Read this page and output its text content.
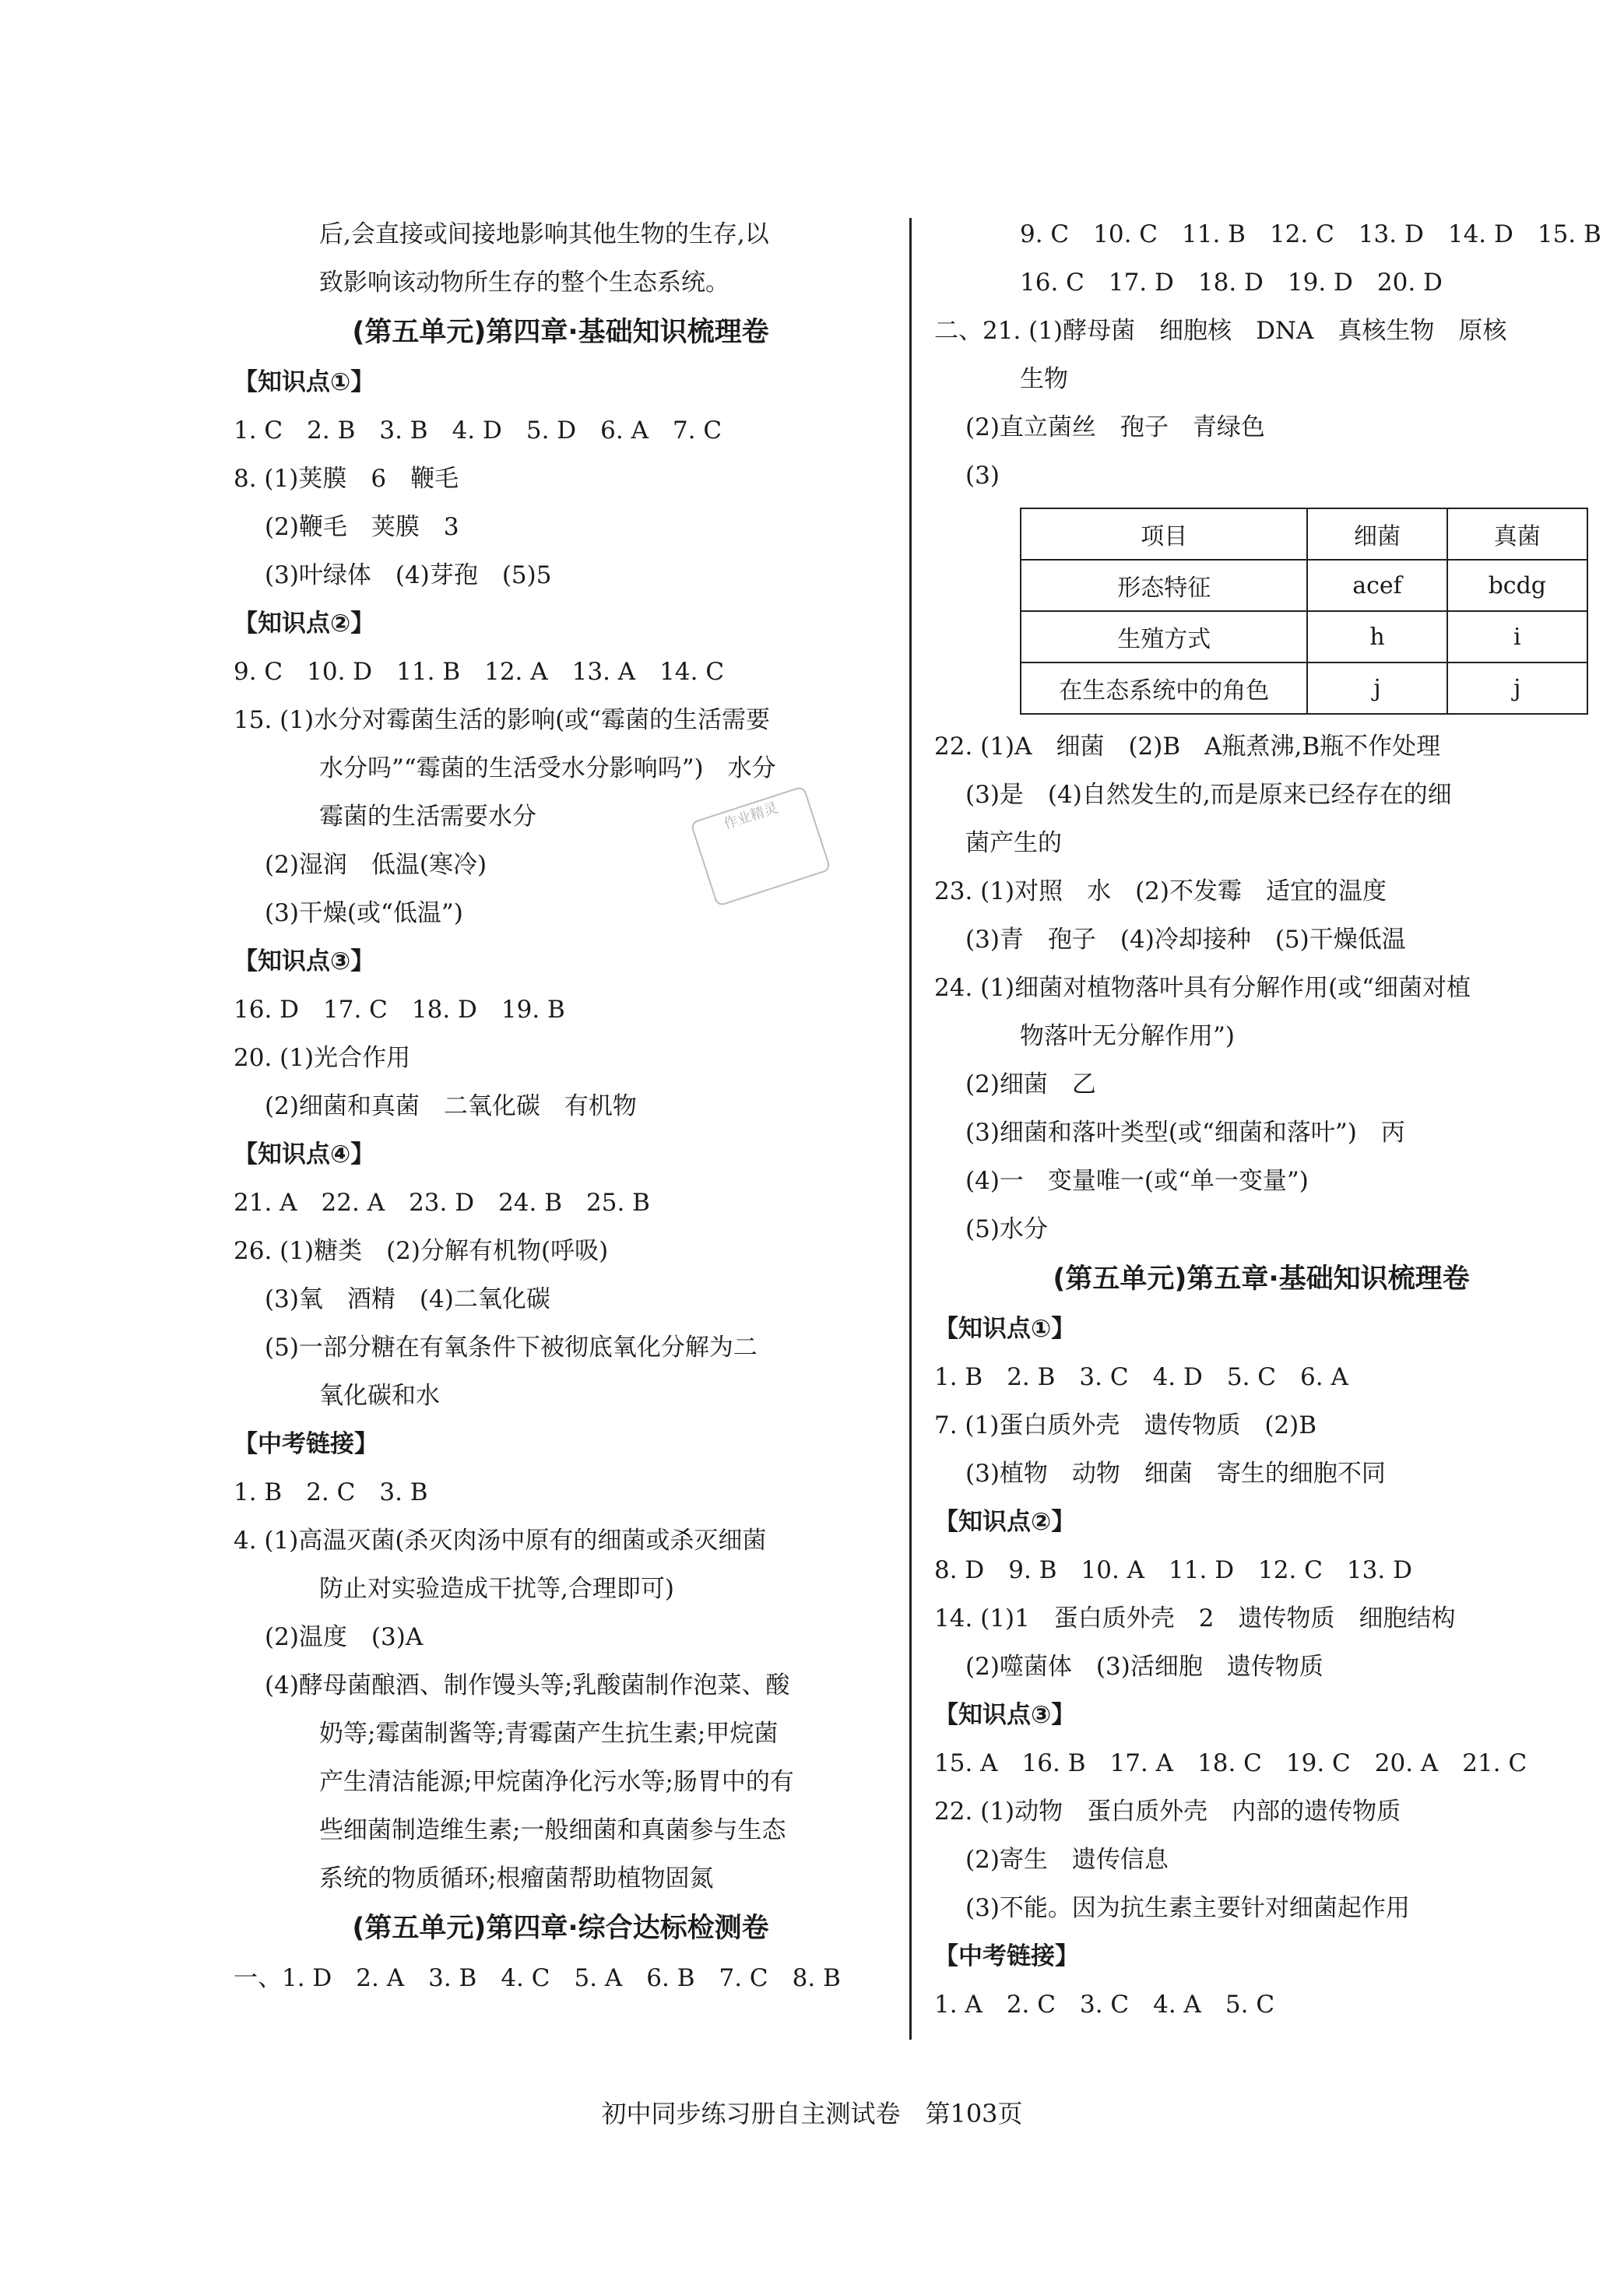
后,会直接或间接地影响其他生物的生存,以
致影响该动物所生存的整个生态系统。
(第五单元)第四章·基础知识梳理卷
【知识点①】
1. C　2. B　3. B　4. D　5. D　6. A　7. C
8. (1)荚膜　6　鞭毛
(2)鞭毛　荚膜　3
(3)叶绿体　(4)芽孢　(5)5
【知识点②】
9. C　10. D　11. B　12. A　13. A　14. C
15. (1)水分对霉菌生活的影响(或“霉菌的生活需要
水分吗”“霉菌的生活受水分影响吗”)　水分
霉菌的生活需要水分
(2)湿润　低温(寒冷)
(3)干燥(或“低温”)
【知识点③】
16. D　17. C　18. D　19. B
20. (1)光合作用
(2)细菌和真菌　二氧化碳　有机物
【知识点④】
21. A　22. A　23. D　24. B　25. B
26. (1)糖类　(2)分解有机物(呼吸)
(3)氧　酒精　(4)二氧化碳
(5)一部分糖在有氧条件下被彻底氧化分解为二
氧化碳和水
【中考链接】
1. B　2. C　3. B
4. (1)高温灭菌(杀灭肉汤中原有的细菌或杀灭细菌
防止对实验造成干扰等,合理即可)
(2)温度　(3)A
(4)酵母菌酿酒、制作馒头等;乳酸菌制作泡菜、酸
奶等;霉菌制酱等;青霉菌产生抗生素;甲烷菌
产生清洁能源;甲烷菌净化污水等;肠胃中的有
些细菌制造维生素;一般细菌和真菌参与生态
系统的物质循环;根瘤菌帮助植物固氮
(第五单元)第四章·综合达标检测卷
一、1. D　2. A　3. B　4. C　5. A　6. B　7. C　8. B
9. C　10. C　11. B　12. C　13. D　14. D　15. B
16. C　17. D　18. D　19. D　20. D
二、21. (1)酵母菌　细胞核　DNA　真核生物　原核
生物
(2)直立菌丝　孢子　青绿色
(3)
项目	细菌	真菌
形态特征	acef	bcdg
生殖方式	h	i
在生态系统中的角色	j	j
22. (1)A　细菌　(2)B　A瓶煮沸,B瓶不作处理
(3)是　(4)自然发生的,而是原来已经存在的细
菌产生的
23. (1)对照　水　(2)不发霉　适宜的温度
(3)青　孢子　(4)冷却接种　(5)干燥低温
24. (1)细菌对植物落叶具有分解作用(或“细菌对植
物落叶无分解作用”)
(2)细菌　乙
(3)细菌和落叶类型(或“细菌和落叶”)　丙
(4)一　变量唯一(或“单一变量”)
(5)水分
(第五单元)第五章·基础知识梳理卷
【知识点①】
1. B　2. B　3. C　4. D　5. C　6. A
7. (1)蛋白质外壳　遗传物质　(2)B
(3)植物　动物　细菌　寄生的细胞不同
【知识点②】
8. D　9. B　10. A　11. D　12. C　13. D
14. (1)1　蛋白质外壳　2　遗传物质　细胞结构
(2)噬菌体　(3)活细胞　遗传物质
【知识点③】
15. A　16. B　17. A　18. C　19. C　20. A　21. C
22. (1)动物　蛋白质外壳　内部的遗传物质
(2)寄生　遗传信息
(3)不能。因为抗生素主要针对细菌起作用
【中考链接】
1. A　2. C　3. C　4. A　5. C
作业精灵
初中同步练习册自主测试卷　第103页
